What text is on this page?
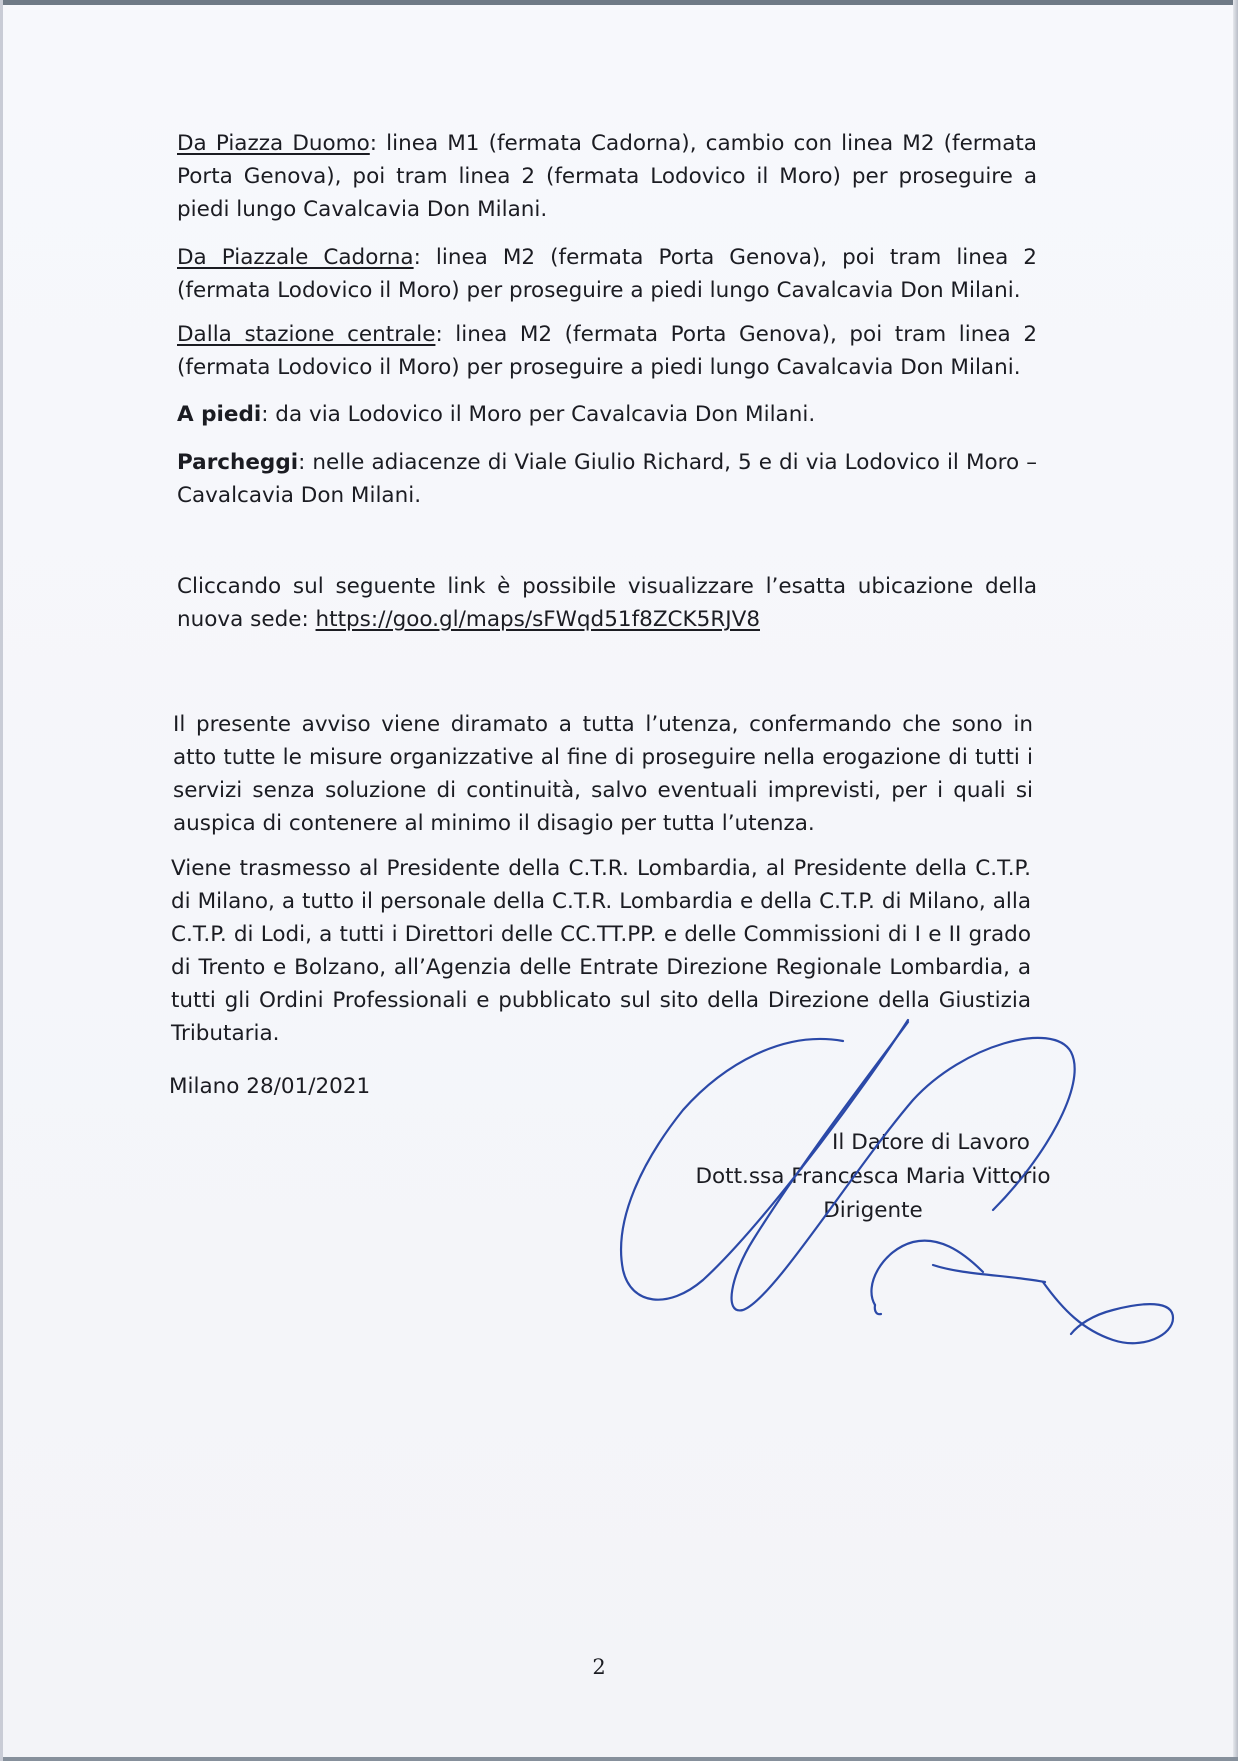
Da Piazza Duomo: linea M1 (fermata Cadorna), cambio con linea M2 (fermata Porta Genova), poi tram linea 2 (fermata Lodovico il Moro) per proseguire a piedi lungo Cavalcavia Don Milani.

Da Piazzale Cadorna: linea M2 (fermata Porta Genova), poi tram linea 2 (fermata Lodovico il Moro) per proseguire a piedi lungo Cavalcavia Don Milani.

Dalla stazione centrale: linea M2 (fermata Porta Genova), poi tram linea 2 (fermata Lodovico il Moro) per proseguire a piedi lungo Cavalcavia Don Milani.

A piedi: da via Lodovico il Moro per Cavalcavia Don Milani.

Parcheggi: nelle adiacenze di Viale Giulio Richard, 5 e di via Lodovico il Moro – Cavalcavia Don Milani.

Cliccando sul seguente link è possibile visualizzare l’esatta ubicazione della nuova sede: https://goo.gl/maps/sFWqd51f8ZCK5RJV8

Il presente avviso viene diramato a tutta l’utenza, confermando che sono in atto tutte le misure organizzative al fine di proseguire nella erogazione di tutti i servizi senza soluzione di continuità, salvo eventuali imprevisti, per i quali si auspica di contenere al minimo il disagio per tutta l’utenza.

Viene trasmesso al Presidente della C.T.R. Lombardia, al Presidente della C.T.P. di Milano, a tutto il personale della C.T.R. Lombardia e della C.T.P. di Milano, alla C.T.P. di Lodi, a tutti i Direttori delle CC.TT.PP. e delle Commissioni di I e II grado di Trento e Bolzano, all’Agenzia delle Entrate Direzione Regionale Lombardia, a tutti gli Ordini Professionali e pubblicato sul sito della Direzione della Giustizia Tributaria.

Milano 28/01/2021

Il Datore di Lavoro
Dott.ssa Francesca Maria Vittorio
Dirigente
2
